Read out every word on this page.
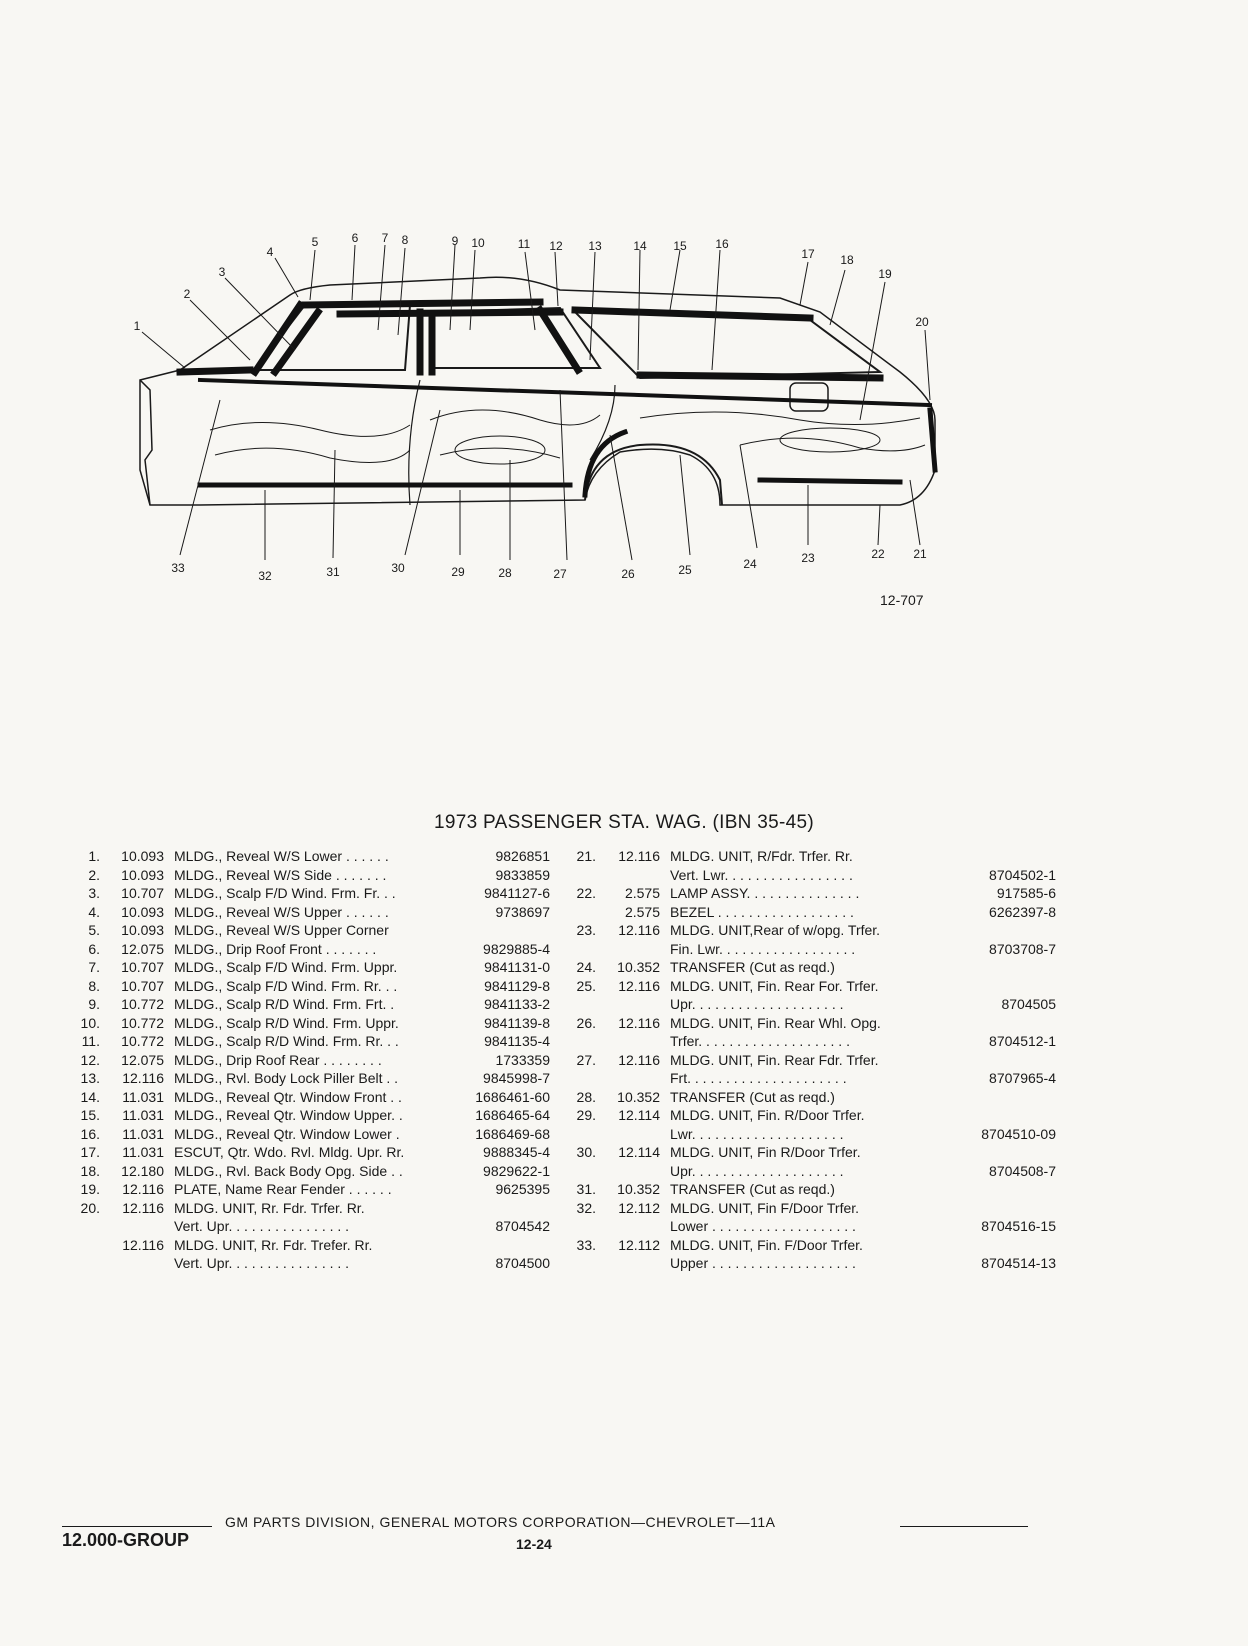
1
2
3
4
5	6 7 8	9 10	11 12 13	14 15 16
17 18
19
20
21
22
23
24
25
26
27
28
29
30
31
32
33
12-707
1973 PASSENGER STA. WAG. (IBN 35-45)
1.	10.093 MLDG., Reveal W/S Lower . . . . . .	9826851
2.	10.093 MLDG., Reveal W/S Side . . . . . . .	9833859
3.	10.707 MLDG., Scalp F/D Wind. Frm. Fr. . .	9841127-6
4.	10.093 MLDG., Reveal W/S Upper . . . . . .	9738697
5.	10.093 MLDG., Reveal W/S Upper Corner
6.	12.075 MLDG., Drip Roof Front . . . . . . .	9829885-4
7.	10.707 MLDG., Scalp F/D Wind. Frm. Uppr.	9841131-0
8.	10.707 MLDG., Scalp F/D Wind. Frm. Rr. . .	9841129-8
9.	10.772 MLDG., Scalp R/D Wind. Frm. Frt. .	9841133-2
10.	10.772 MLDG., Scalp R/D Wind. Frm. Uppr.	9841139-8
11.	10.772 MLDG., Scalp R/D Wind. Frm. Rr. . .	9841135-4
12.	12.075 MLDG., Drip Roof Rear . . . . . . . .	1733359
13.	12.116 MLDG., Rvl. Body Lock Piller Belt . .	9845998-7
14.	11.031 MLDG., Reveal Qtr. Window Front . .	1686461-60
15.	11.031 MLDG., Reveal Qtr. Window Upper. .	1686465-64
16.	11.031 MLDG., Reveal Qtr. Window Lower .	1686469-68
17.	11.031 ESCUT, Qtr. Wdo. Rvl. Mldg. Upr. Rr.	9888345-4
18.	12.180 MLDG., Rvl. Back Body Opg. Side . .	9829622-1
19.	12.116 PLATE, Name Rear Fender . . . . . .	9625395
20.	12.116 MLDG. UNIT, Rr. Fdr. Trfer. Rr.
Vert. Upr. . . . . . . . . . . . . . . .	8704542
12.116 MLDG. UNIT, Rr. Fdr. Trefer. Rr.
Vert. Upr. . . . . . . . . . . . . . . .	8704500
21.	12.116 MLDG. UNIT, R/Fdr. Trfer. Rr.
Vert. Lwr. . . . . . . . . . . . . . . . .	8704502-1
22.	2.575 LAMP ASSY. . . . . . . . . . . . . . .	917585-6
2.575 BEZEL . . . . . . . . . . . . . . . . . .	6262397-8
23.	12.116 MLDG. UNIT,Rear of w/opg. Trfer.
Fin. Lwr. . . . . . . . . . . . . . . . . .	8703708-7
24.	10.352 TRANSFER (Cut as reqd.)
25.	12.116 MLDG. UNIT, Fin. Rear For. Trfer.
Upr. . . . . . . . . . . . . . . . . . . .	8704505
26.	12.116 MLDG. UNIT, Fin. Rear Whl. Opg.
Trfer. . . . . . . . . . . . . . . . . . . .	8704512-1
27.	12.116 MLDG. UNIT, Fin. Rear Fdr. Trfer.
Frt. . . . . . . . . . . . . . . . . . . . .	8707965-4
28.	10.352 TRANSFER (Cut as reqd.)
29.	12.114 MLDG. UNIT, Fin. R/Door Trfer.
Lwr. . . . . . . . . . . . . . . . . . . .	8704510-09
30.	12.114 MLDG. UNIT, Fin R/Door Trfer.
Upr. . . . . . . . . . . . . . . . . . . .	8704508-7
31.	10.352 TRANSFER (Cut as reqd.)
32.	12.112 MLDG. UNIT, Fin F/Door Trfer.
Lower . . . . . . . . . . . . . . . . . . .	8704516-15
33.	12.112 MLDG. UNIT, Fin. F/Door Trfer.
Upper . . . . . . . . . . . . . . . . . . .	8704514-13
GM PARTS DIVISION, GENERAL MOTORS CORPORATION—CHEVROLET—11A
12.000-GROUP	12-24
